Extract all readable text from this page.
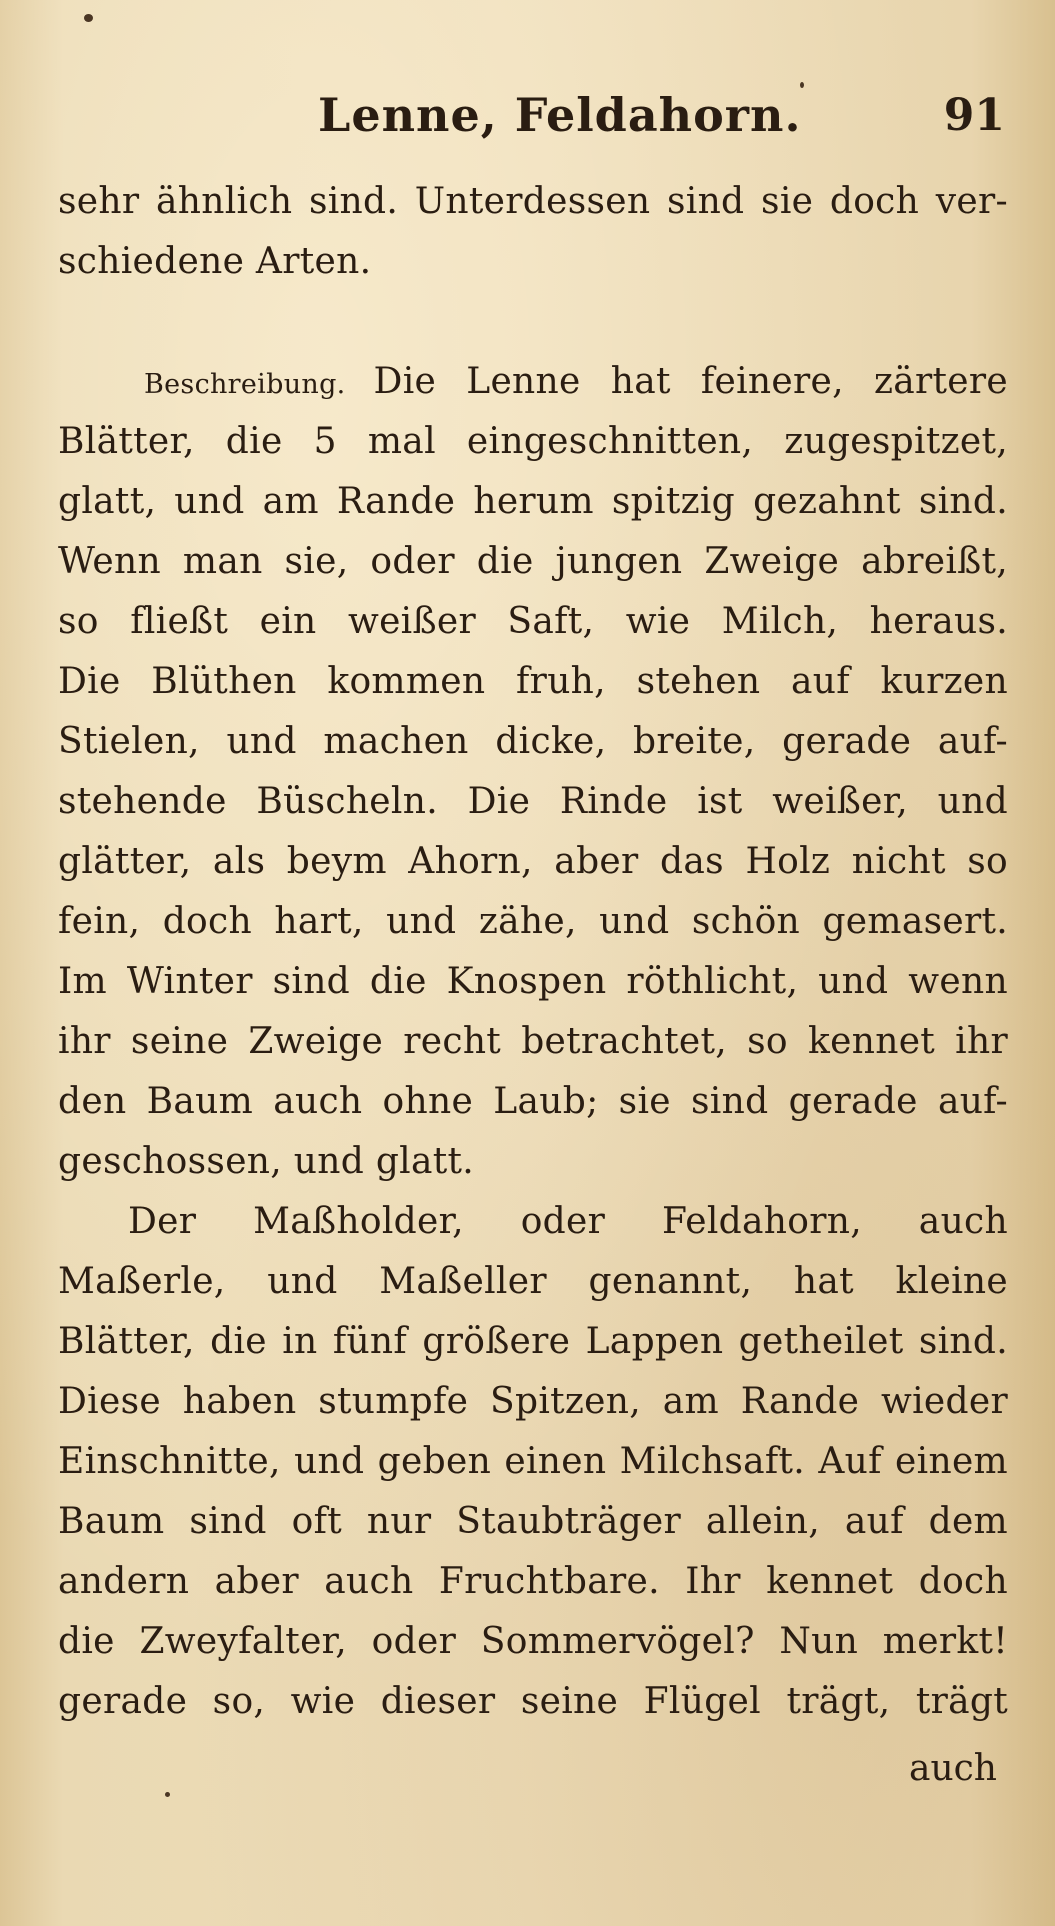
Lenne, Feldahorn.	91
sehr ähnlich sind. Unterdessen sind sie doch ver-
schiedene Arten.
Beschreibung. Die Lenne hat feinere, zärtere
Blätter, die 5 mal eingeschnitten, zugespitzet,
glatt, und am Rande herum spitzig gezahnt sind.
Wenn man sie, oder die jungen Zweige abreißt,
so fließt ein weißer Saft, wie Milch, heraus.
Die Blüthen kommen fruh, stehen auf kurzen
Stielen, und machen dicke, breite, gerade auf-
stehende Büscheln. Die Rinde ist weißer, und
glätter, als beym Ahorn, aber das Holz nicht so
fein, doch hart, und zähe, und schön gemasert.
Im Winter sind die Knospen röthlicht, und wenn
ihr seine Zweige recht betrachtet, so kennet ihr
den Baum auch ohne Laub; sie sind gerade auf-
geschossen, und glatt.
Der Maßholder, oder Feldahorn, auch
Maßerle, und Maßeller genannt, hat kleine
Blätter, die in fünf größere Lappen getheilet sind.
Diese haben stumpfe Spitzen, am Rande wieder
Einschnitte, und geben einen Milchsaft. Auf einem
Baum sind oft nur Staubträger allein, auf dem
andern aber auch Fruchtbare. Ihr kennet doch
die Zweyfalter, oder Sommervögel? Nun merkt!
gerade so, wie dieser seine Flügel trägt, trägt
auch
